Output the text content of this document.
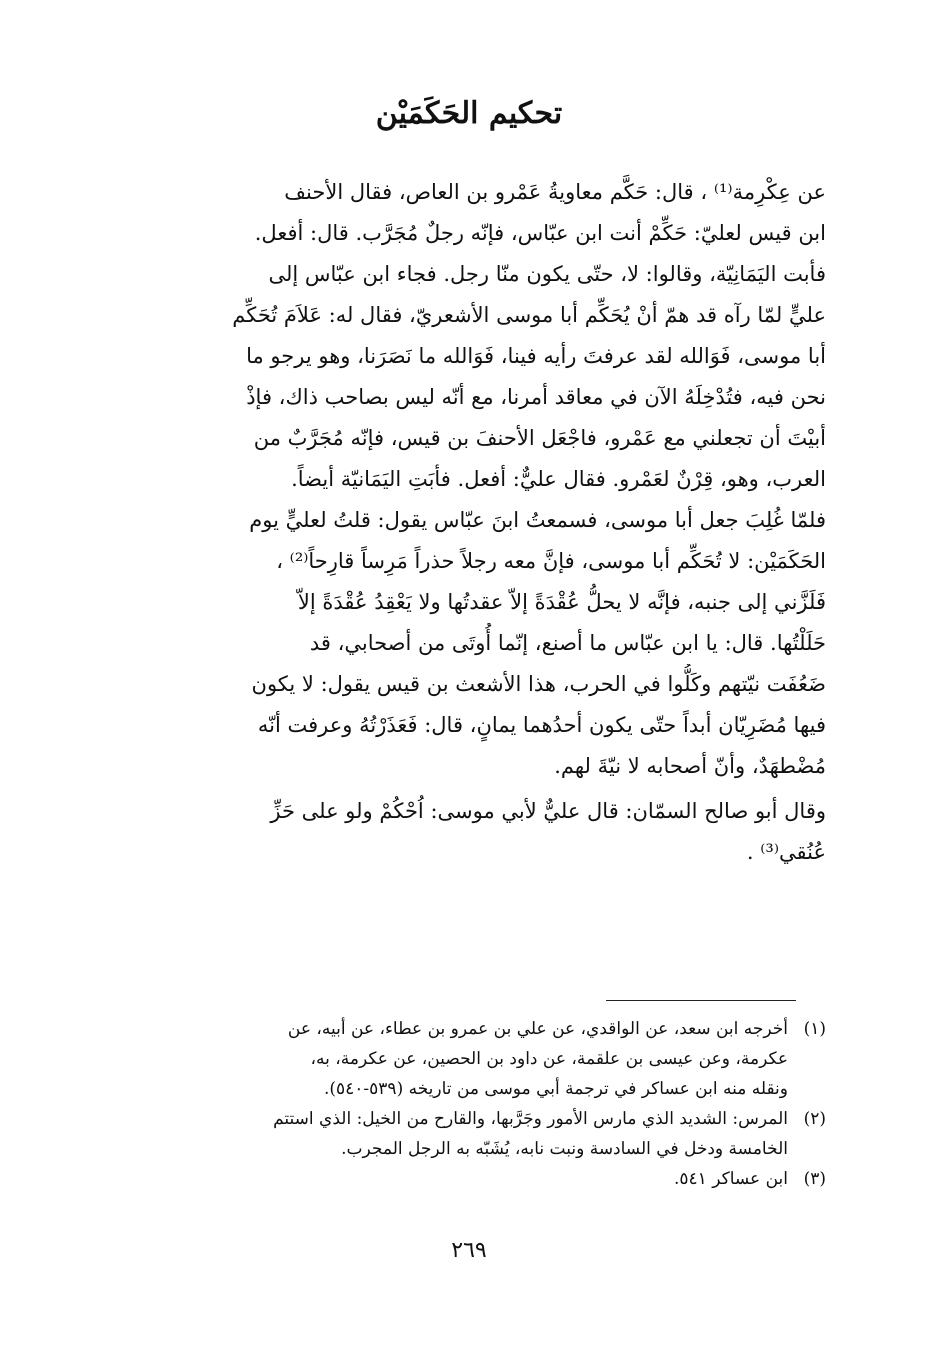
تحكيم الحَكَمَيْن

عن عِكْرِمة⁽¹⁾ ، قال: حَكَّم معاويةُ عَمْرو بن العاص، فقال الأحنف
ابن قيس لعليّ: حَكِّمْ أنت ابن عبّاس، فإنّه رجلٌ مُجَرَّب. قال: أفعل.
فأبت اليَمَانِيّة، وقالوا: لا، حتّى يكون منّا رجل. فجاء ابن عبّاس إلى
عليٍّ لمّا رآه قد همّ أنْ يُحَكِّم أبا موسى الأشعريّ، فقال له: عَلاَمَ تُحَكِّم
أبا موسى، فَوَالله لقد عرفتَ رأيه فينا، فَوَالله ما نَصَرَنا، وهو يرجو ما
نحن فيه، فتُدْخِلَهُ الآن في معاقد أمرنا، مع أنّه ليس بصاحب ذاك، فإذْ
أبيْتَ أن تجعلني مع عَمْرو، فاجْعَل الأحنفَ بن قيس، فإنّه مُجَرَّبٌ من
العرب، وهو، قِرْنٌ لعَمْرو. فقال عليٌّ: أفعل. فأبَتِ اليَمَانيّة أيضاً.
فلمّا غُلِبَ جعل أبا موسى، فسمعتُ ابنَ عبّاس يقول: قلتُ لعليٍّ يوم
الحَكَمَيْن: لا تُحَكِّم أبا موسى، فإنَّ معه رجلاً حذراً مَرِساً قارِحاً⁽²⁾ ،
فَلَزَّني إلى جنبه، فإنَّه لا يحلُّ عُقْدَةً إلاّ عقدتُها ولا يَعْقِدُ عُقْدَةً إلاّ
حَلَلْتُها. قال: يا ابن عبّاس ما أصنع، إنّما أُوتَى من أصحابي، قد
ضَعُفَت نيّتهم وكَلُّوا في الحرب، هذا الأشعث بن قيس يقول: لا يكون
فيها مُضَرِيّان أبداً حتّى يكون أحدُهما يمانٍ، قال: فَعَذَرْتُهُ وعرفت أنّه
مُضْطهَدٌ، وأنّ أصحابه لا نيّةَ لهم.

وقال أبو صالح السمّان: قال عليٌّ لأبي موسى: اُحْكُمْ ولو على حَزِّ
عُنُقي⁽³⁾ .

(١)
أخرجه ابن سعد، عن الواقدي، عن علي بن عمرو بن عطاء، عن أبيه، عن
عكرمة، وعن عيسى بن علقمة، عن داود بن الحصين، عن عكرمة، به،
ونقله منه ابن عساكر في ترجمة أبي موسى من تاريخه (٥٣٩-٥٤٠).
(٢)
المرس: الشديد الذي مارس الأمور وجَرَّبها، والقارح من الخيل: الذي استتم
الخامسة ودخل في السادسة ونبت نابه، يُشَبّه به الرجل المجرب.
(٣)
ابن عساكر ٥٤١.
٢٦٩
